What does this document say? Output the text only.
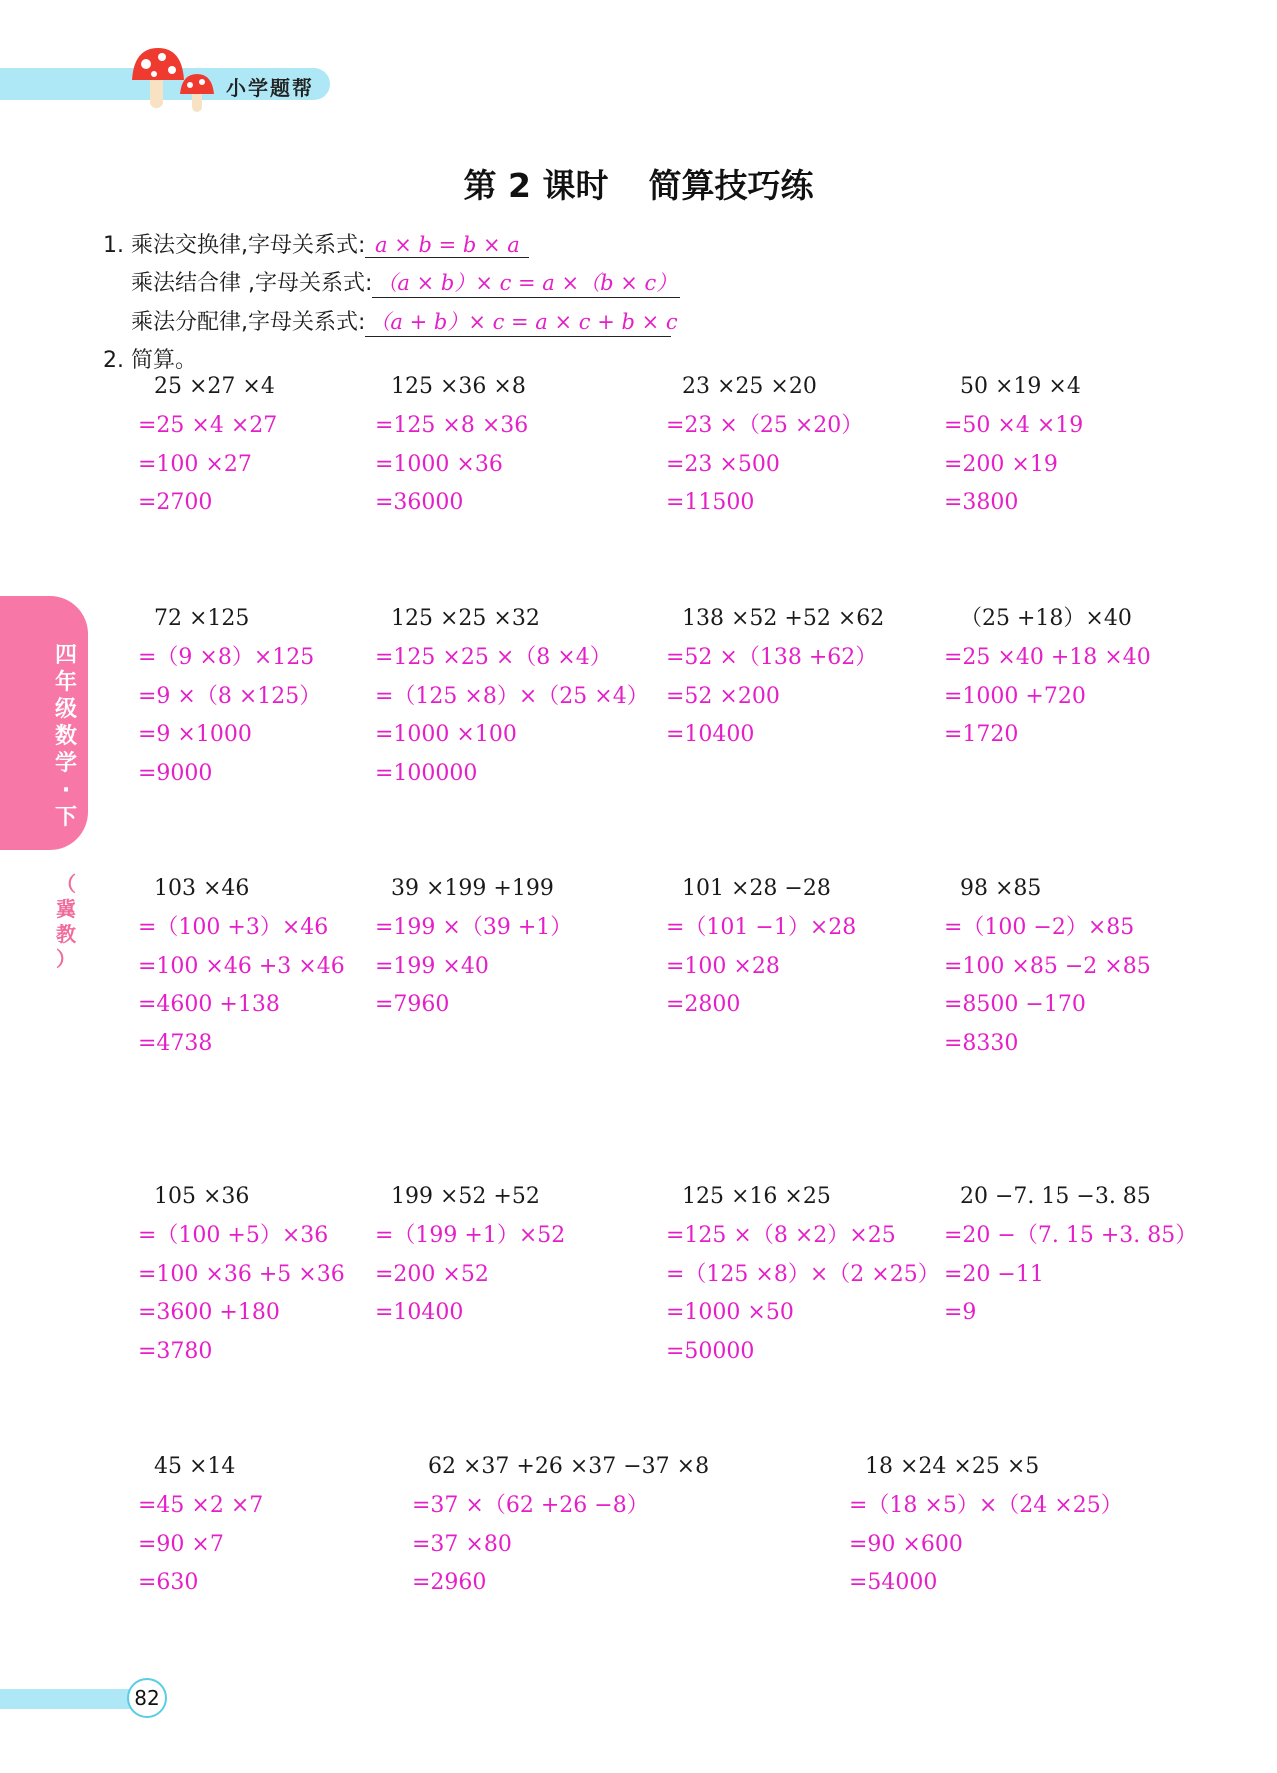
小学题帮
四
年
级
数
学
·
下
（
冀
教
）
第 2 课时 简算技巧练
1. 乘法交换律,字母关系式: a × b = b × a
乘法结合律 ,字母关系式: （a × b）× c = a ×（b × c）
乘法分配律,字母关系式: （a + b）× c = a × c + b × c
2. 简算。
25 ×27 ×4
=25 ×4 ×27
=100 ×27
=2700
125 ×36 ×8
=125 ×8 ×36
=1000 ×36
=36000
23 ×25 ×20
=23 ×（25 ×20）
=23 ×500
=11500
50 ×19 ×4
=50 ×4 ×19
=200 ×19
=3800
72 ×125
=（9 ×8）×125
=9 ×（8 ×125）
=9 ×1000
=9000
125 ×25 ×32
=125 ×25 ×（8 ×4）
=（125 ×8）×（25 ×4）
=1000 ×100
=100000
138 ×52 +52 ×62
=52 ×（138 +62）
=52 ×200
=10400
（25 +18）×40
=25 ×40 +18 ×40
=1000 +720
=1720
103 ×46
=（100 +3）×46
=100 ×46 +3 ×46
=4600 +138
=4738
39 ×199 +199
=199 ×（39 +1）
=199 ×40
=7960
101 ×28 −28
=（101 −1）×28
=100 ×28
=2800
98 ×85
=（100 −2）×85
=100 ×85 −2 ×85
=8500 −170
=8330
105 ×36
=（100 +5）×36
=100 ×36 +5 ×36
=3600 +180
=3780
199 ×52 +52
=（199 +1）×52
=200 ×52
=10400
125 ×16 ×25
=125 ×（8 ×2）×25
=（125 ×8）×（2 ×25）
=1000 ×50
=50000
20 −7. 15 −3. 85
=20 −（7. 15 +3. 85）
=20 −11
=9
45 ×14
=45 ×2 ×7
=90 ×7
=630
62 ×37 +26 ×37 −37 ×8
=37 ×（62 +26 −8）
=37 ×80
=2960
18 ×24 ×25 ×5
=（18 ×5）×（24 ×25）
=90 ×600
=54000
82
